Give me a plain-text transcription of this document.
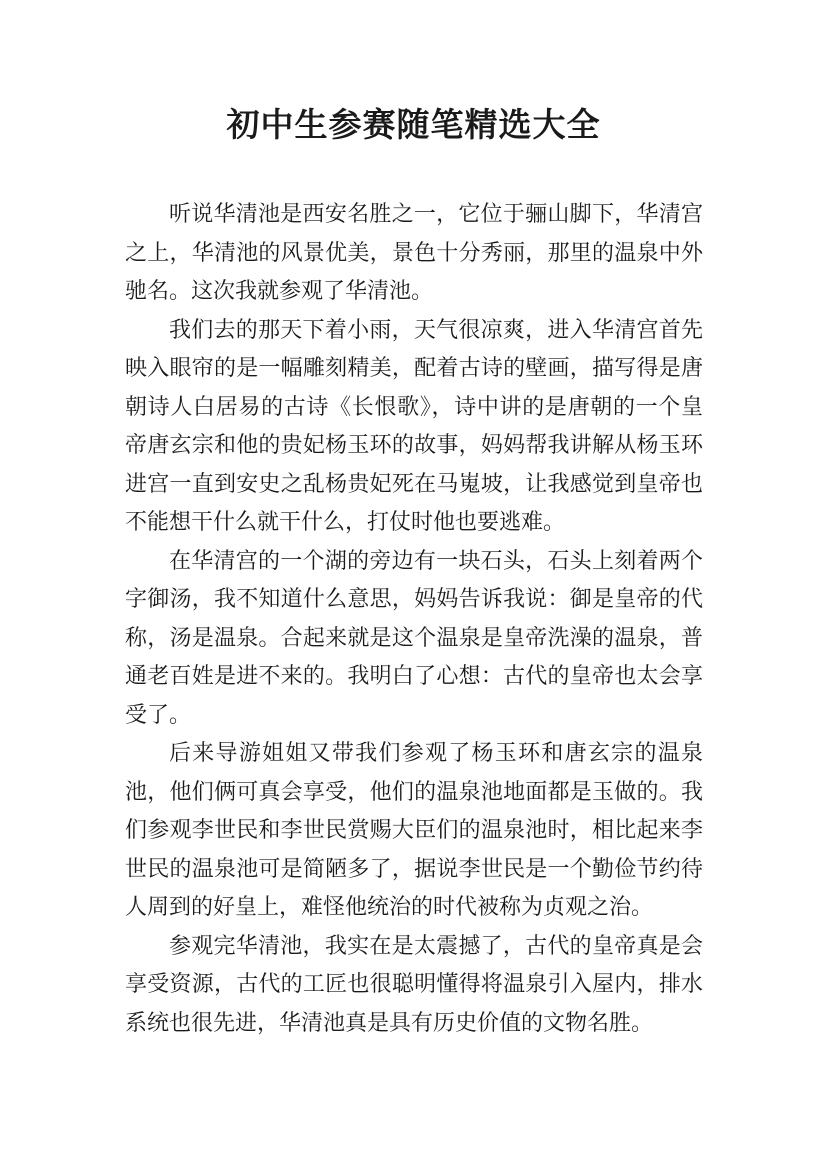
初中生参赛随笔精选大全

听说华清池是西安名胜之一，它位于骊山脚下，华清宫之上，华清池的风景优美，景色十分秀丽，那里的温泉中外驰名。这次我就参观了华清池。

我们去的那天下着小雨，天气很凉爽，进入华清宫首先映入眼帘的是一幅雕刻精美，配着古诗的壁画，描写得是唐朝诗人白居易的古诗《长恨歌》，诗中讲的是唐朝的一个皇帝唐玄宗和他的贵妃杨玉环的故事，妈妈帮我讲解从杨玉环进宫一直到安史之乱杨贵妃死在马嵬坡，让我感觉到皇帝也不能想干什么就干什么，打仗时他也要逃难。

在华清宫的一个湖的旁边有一块石头，石头上刻着两个字御汤，我不知道什么意思，妈妈告诉我说：御是皇帝的代称，汤是温泉。合起来就是这个温泉是皇帝洗澡的温泉，普通老百姓是进不来的。我明白了心想：古代的皇帝也太会享受了。

后来导游姐姐又带我们参观了杨玉环和唐玄宗的温泉池，他们俩可真会享受，他们的温泉池地面都是玉做的。我们参观李世民和李世民赏赐大臣们的温泉池时，相比起来李世民的温泉池可是简陋多了，据说李世民是一个勤俭节约待人周到的好皇上，难怪他统治的时代被称为贞观之治。

参观完华清池，我实在是太震撼了，古代的皇帝真是会享受资源，古代的工匠也很聪明懂得将温泉引入屋内，排水系统也很先进，华清池真是具有历史价值的文物名胜。
